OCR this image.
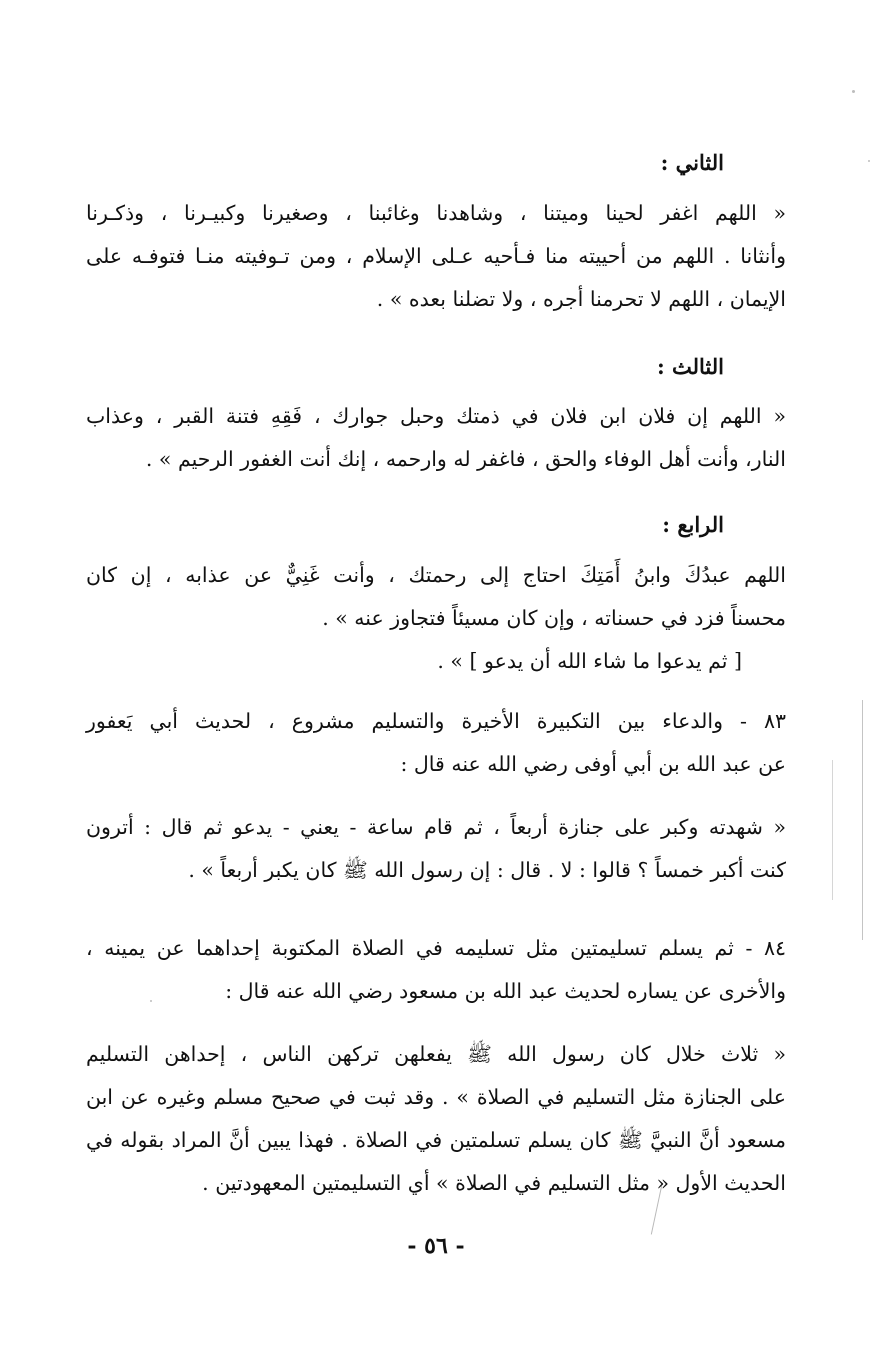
الثاني :
« اللهم اغفر لحينا وميتنا ، وشاهدنا وغائبنا ، وصغيرنا وكبيـرنا ، وذكـرنا
وأنثانا . اللهم من أحييته منا فـأحيه عـلى الإسلام ، ومن تـوفيته منـا فتوفـه على
الإيمان ، اللهم لا تحرمنا أجره ، ولا تضلنا بعده » .
الثالث :
« اللهم إن فلان ابن فلان في ذمتك وحبل جوارك ، فَقِهِ فتنة القبر ، وعذاب
النار، وأنت أهل الوفاء والحق ، فاغفر له وارحمه ، إنك أنت الغفور الرحيم » .
الرابع :
اللهم عبدُكَ وابنُ أَمَتِكَ احتاج إلى رحمتك ، وأنت غَنِيٌّ عن عذابه ، إن كان
محسناً فزد في حسناته ، وإن كان مسيئاً فتجاوز عنه » .
[ ثم يدعوا ما شاء الله أن يدعو ] » .
٨٣ - والدعاء بين التكبيرة الأخيرة والتسليم مشروع ، لحديث أبي يَعفور
عن عبد الله بن أبي أوفى رضي الله عنه قال :
« شهدته وكبر على جنازة أربعاً ، ثم قام ساعة - يعني - يدعو ثم قال : أترون
كنت أكبر خمساً ؟ قالوا : لا . قال : إن رسول الله ﷺ كان يكبر أربعاً » .
٨٤ - ثم يسلم تسليمتين مثل تسليمه في الصلاة المكتوبة إحداهما عن يمينه ،
والأخرى عن يساره لحديث عبد الله بن مسعود رضي الله عنه قال :
« ثلاث خلال كان رسول الله ﷺ يفعلهن تركهن الناس ، إحداهن التسليم
على الجنازة مثل التسليم في الصلاة » . وقد ثبت في صحيح مسلم وغيره عن ابن
مسعود أنَّ النبيَّ ﷺ كان يسلم تسلمتين في الصلاة . فهذا يبين أنَّ المراد بقوله في
الحديث الأول « مثل التسليم في الصلاة » أي التسليمتين المعهودتين .
- ٥٦ -
